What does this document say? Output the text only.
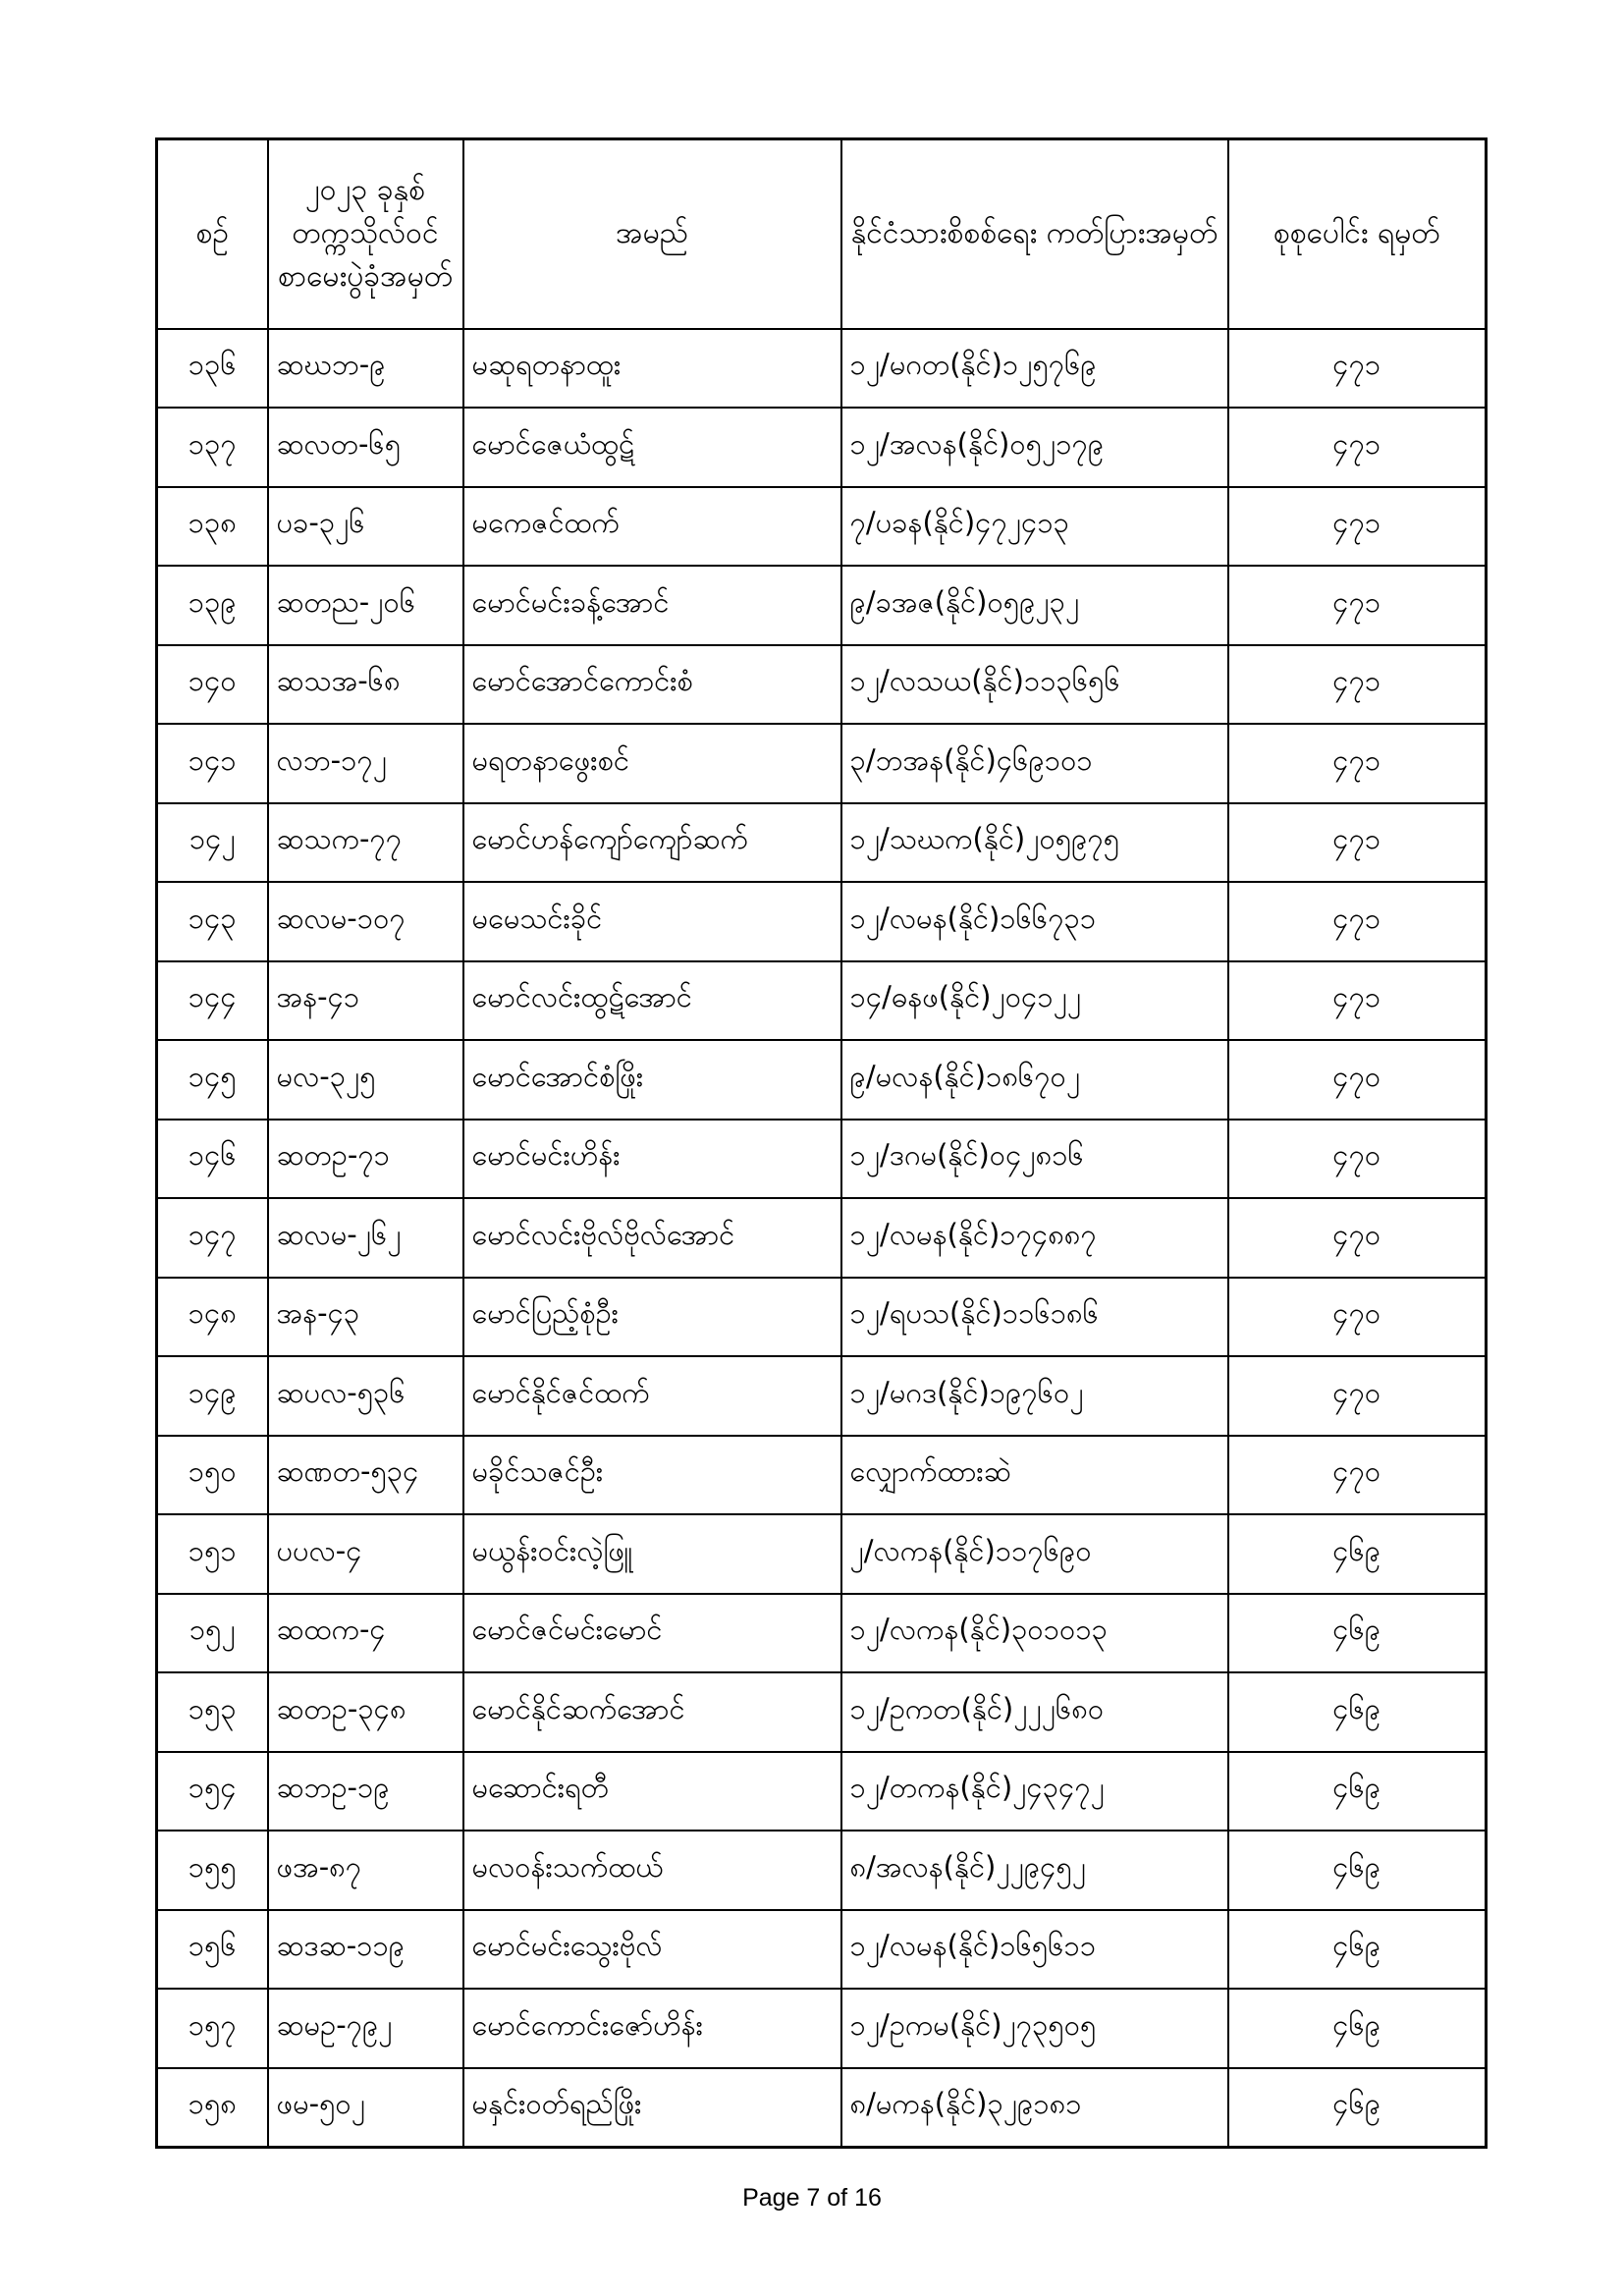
စဉ်	၂၀၂၃ ခုနှစ် တက္ကသိုလ်ဝင် စာမေးပွဲခုံအမှတ်	အမည်	နိုင်ငံသားစိစစ်ရေး ကတ်ပြားအမှတ်	စုစုပေါင်း ရမှတ်
၁၃၆	ဆဃဘ-၉	မဆုရတနာထူး	၁၂/မဂတ(နိုင်)၁၂၅၇၆၉	၄၇၁
၁၃၇	ဆလတ-၆၅	မောင်ဇေယံထွဋ်	၁၂/အလန(နိုင်)၀၅၂၁၇၉	၄၇၁
၁၃၈	ပခ-၃၂၆	မကေဇင်ထက်	၇/ပခန(နိုင်)၄၇၂၄၁၃	၄၇၁
၁၃၉	ဆတည-၂၀၆	မောင်မင်းခန့်အောင်	၉/ခအဇ(နိုင်)၀၅၉၂၃၂	၄၇၁
၁၄၀	ဆသအ-၆၈	မောင်အောင်ကောင်းစံ	၁၂/လသယ(နိုင်)၁၁၃၆၅၆	၄၇၁
၁၄၁	လဘ-၁၇၂	မရတနာဖွေးစင်	၃/ဘအန(နိုင်)၄၆၉၁၀၁	၄၇၁
၁၄၂	ဆသက-၇၇	မောင်ဟန်ကျော်ကျော်ဆက်	၁၂/သဃက(နိုင်)၂၀၅၉၇၅	၄၇၁
၁၄၃	ဆလမ-၁၀၇	မမေသင်းခိုင်	၁၂/လမန(နိုင်)၁၆၆၇၃၁	၄၇၁
၁၄၄	အန-၄၁	မောင်လင်းထွဋ်အောင်	၁၄/ဓနဖ(နိုင်)၂၀၄၁၂၂	၄၇၁
၁၄၅	မလ-၃၂၅	မောင်အောင်စံဖြိုး	၉/မလန(နိုင်)၁၈၆၇၀၂	၄၇၀
၁၄၆	ဆတဥ-၇၁	မောင်မင်းဟိန်း	၁၂/ဒဂမ(နိုင်)၀၄၂၈၁၆	၄၇၀
၁၄၇	ဆလမ-၂၆၂	မောင်လင်းဗိုလ်ဗိုလ်အောင်	၁၂/လမန(နိုင်)၁၇၄၈၈၇	၄၇၀
၁၄၈	အန-၄၃	မောင်ပြည့်စုံဦး	၁၂/ရပသ(နိုင်)၁၁၆၁၈၆	၄၇၀
၁၄၉	ဆပလ-၅၃၆	မောင်နိုင်ဇင်ထက်	၁၂/မဂဒ(နိုင်)၁၉၇၆၀၂	၄၇၀
၁၅၀	ဆဏတ-၅၃၄	မခိုင်သဇင်ဦး	လျှောက်ထားဆဲ	၄၇၀
၁၅၁	ပပလ-၄	မယွန်းဝင်းလဲ့ဖြူ	၂/လကန(နိုင်)၁၁၇၆၉၀	၄၆၉
၁၅၂	ဆထက-၄	မောင်ဇင်မင်းမောင်	၁၂/လကန(နိုင်)၃၀၁၀၁၃	၄၆၉
၁၅၃	ဆတဥ-၃၄၈	မောင်နိုင်ဆက်အောင်	၁၂/ဥကတ(နိုင်)၂၂၂၆၈၀	၄၆၉
၁၅၄	ဆဘဥ-၁၉	မဆောင်းရတီ	၁၂/တကန(နိုင်)၂၄၃၄၇၂	၄၆၉
၁၅၅	ဖအ-၈၇	မလဝန်းသက်ထယ်	၈/အလန(နိုင်)၂၂၉၄၅၂	၄၆၉
၁၅၆	ဆဒဆ-၁၁၉	မောင်မင်းသွေးဗိုလ်	၁၂/လမန(နိုင်)၁၆၅၆၁၁	၄၆၉
၁၅၇	ဆမဥ-၇၉၂	မောင်ကောင်းဇော်ဟိန်း	၁၂/ဥကမ(နိုင်)၂၇၃၅၀၅	၄၆၉
၁၅၈	ဖမ-၅၀၂	မနှင်းဝတ်ရည်ဖြိုး	၈/မကန(နိုင်)၃၂၉၁၈၁	၄၆၉
Page 7 of 16
